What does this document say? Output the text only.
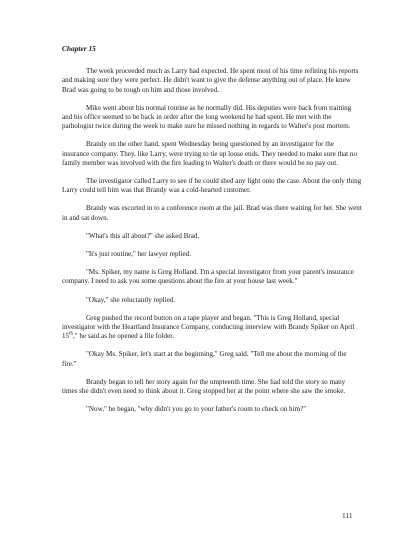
Chapter 15

The week proceeded much as Larry had expected. He spent most of his time refining his reports and making sure they were perfect. He didn't want to give the defense anything out of place. He knew Brad was going to be tough on him and those involved.

Mike went about his normal routine as he normally did. His deputies were back from training and his office seemed to be back in order after the long weekend he had spent. He met with the pathologist twice during the week to make sure he missed nothing in regards to Walter's post mortem.

Brandy on the other hand, spent Wednesday being questioned by an investigator for the insurance company. They, like Larry, were trying to tie up loose ends. They needed to make sure that no family member was involved with the fire leading to Walter's death or there would be no pay out.

The investigator called Larry to see if he could shed any light onto the case. About the only thing Larry could tell him was that Brandy was a cold-hearted customer.

Brandy was escorted in to a conference room at the jail. Brad was there waiting for her. She went in and sat down.

"What's this all about?" she asked Brad.

"It's just routine," her lawyer replied.

"Ms. Spiker, my name is Greg Holland. I'm a special investigator from your parent's insurance company. I need to ask you some questions about the fire at your house last week."

"Okay," she reluctantly replied.

Greg pushed the record button on a tape player and began. "This is Greg Holland, special investigator with the Heartland Insurance Company, conducting interview with Brandy Spiker on April 15th," he said as he opened a file folder.

"Okay Ms. Spiker, let's start at the beginning," Greg said. "Tell me about the morning of the fire."

Brandy began to tell her story again for the umpteenth time. She had told the story so many times she didn't even need to think about it. Greg stopped her at the point where she saw the smoke.

"Now," he began, "why didn't you go to your father's room to check on him?"

111
